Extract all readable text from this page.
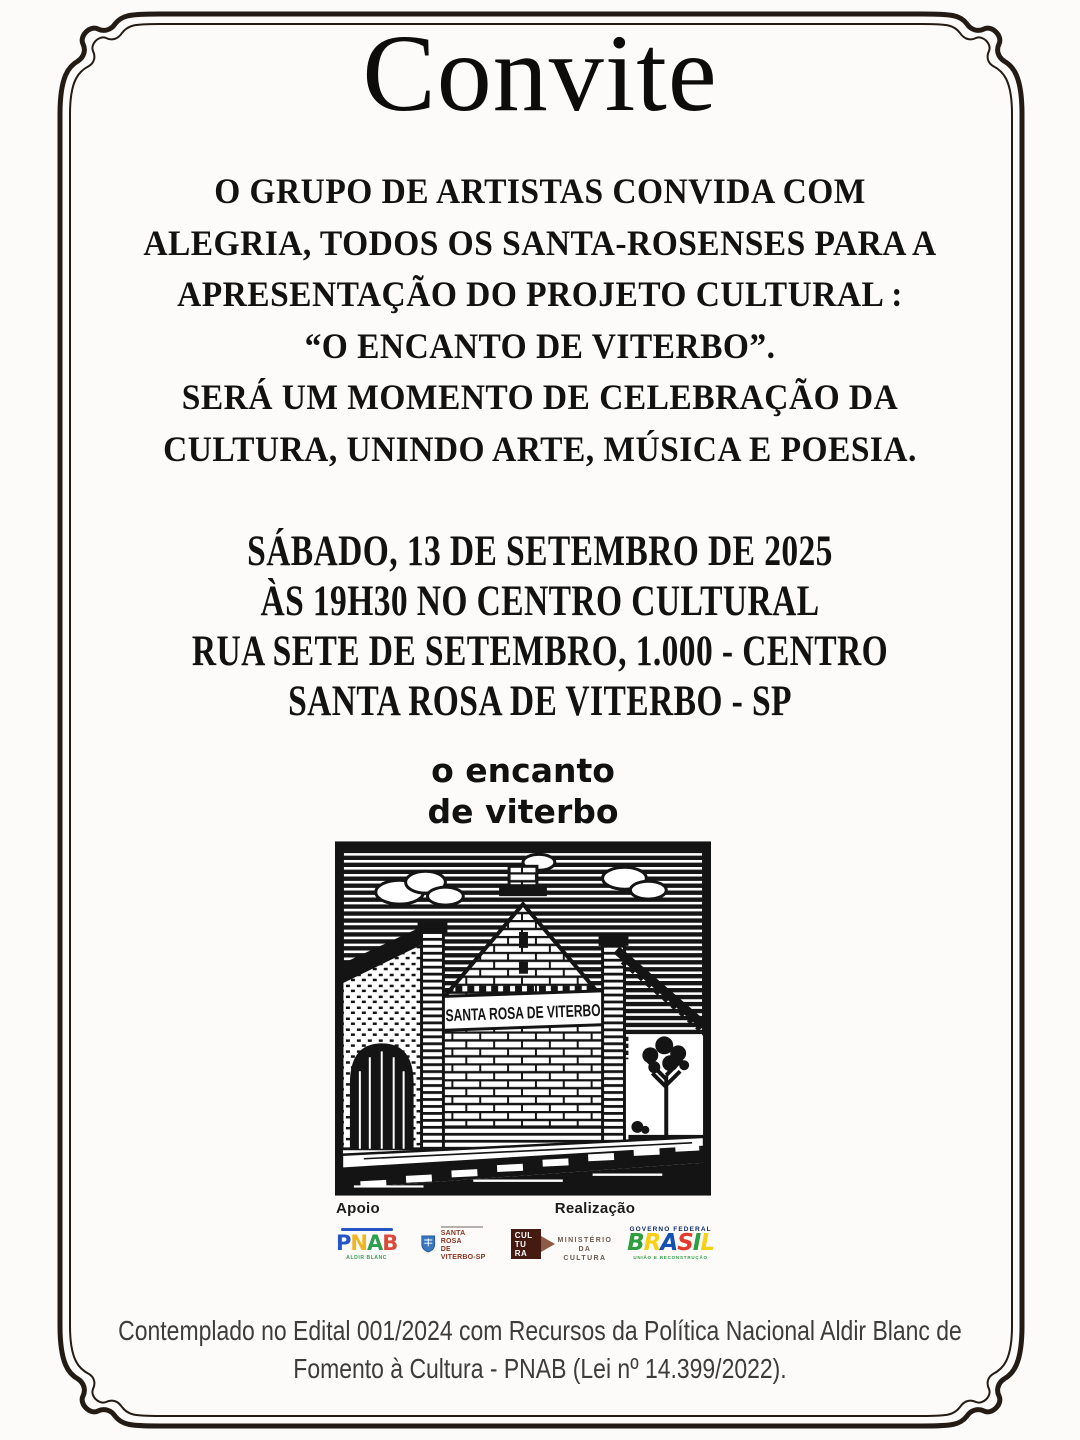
Convite
O GRUPO DE ARTISTAS CONVIDA COM
ALEGRIA, TODOS OS SANTA-ROSENSES PARA A
APRESENTAÇÃO DO PROJETO CULTURAL :
“O ENCANTO DE VITERBO”.
SERÁ UM MOMENTO DE CELEBRAÇÃO DA
CULTURA, UNINDO ARTE, MÚSICA E POESIA.
SÁBADO, 13 DE SETEMBRO DE 2025
ÀS 19H30 NO CENTRO CULTURAL
RUA SETE DE SETEMBRO, 1.000 - CENTRO
SANTA ROSA DE VITERBO - SP
o encanto
de viterbo
SANTA ROSA DE VITERBO
Apoio
PNAB
ALDIR BLANC
SANTA ROSA
DE VITERBO-SP
CUL
TU
RA
Realização
MINISTÉRIO DA
CULTURA
GOVERNO FEDERAL
BRASIL
UNIÃO E RECONSTRUÇÃO
Contemplado no Edital 001/2024 com Recursos da Política Nacional Aldir Blanc de
Fomento à Cultura - PNAB (Lei nº 14.399/2022).
